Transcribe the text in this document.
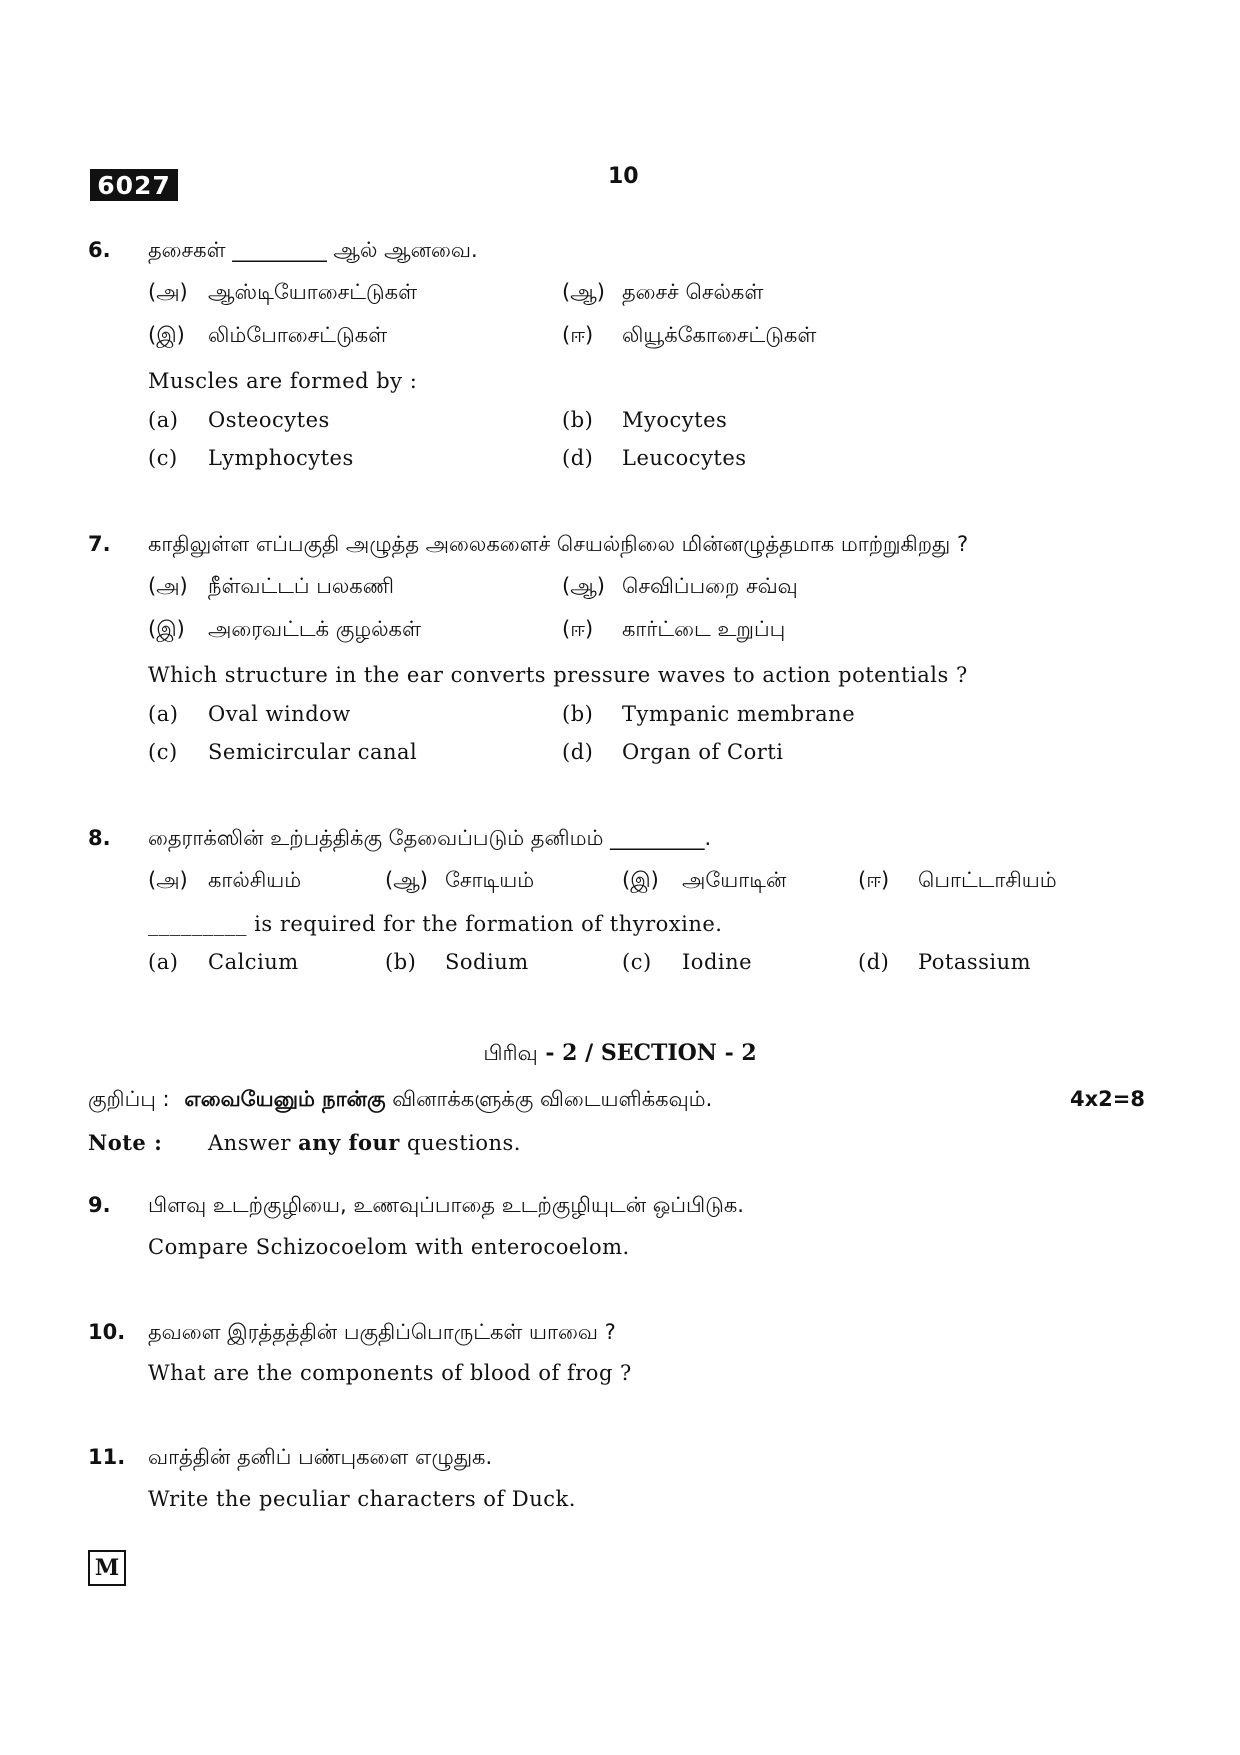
6027	10
6. தசைகள் _________ ஆல் ஆனவை.
(அ) ஆஸ்டியோசைட்டுகள்	(ஆ) தசைச் செல்கள்
(இ) லிம்போசைட்டுகள்	(ஈ) லியூக்கோசைட்டுகள்
Muscles are formed by :
(a) Osteocytes	(b) Myocytes
(c) Lymphocytes	(d) Leucocytes
7. காதிலுள்ள எப்பகுதி அழுத்த அலைகளைச் செயல்நிலை மின்னழுத்தமாக மாற்றுகிறது ?
(அ) நீள்வட்டப் பலகணி	(ஆ) செவிப்பறை சவ்வு
(இ) அரைவட்டக் குழல்கள்	(ஈ) கார்ட்டை உறுப்பு
Which structure in the ear converts pressure waves to action potentials ?
(a) Oval window	(b) Tympanic membrane
(c) Semicircular canal	(d) Organ of Corti
8. தைராக்ஸின் உற்பத்திக்கு தேவைப்படும் தனிமம் _________.
(அ) கால்சியம்	(ஆ) சோடியம்	(இ) அயோடின்	(ஈ) பொட்டாசியம்
_________ is required for the formation of thyroxine.
(a) Calcium	(b) Sodium	(c) Iodine	(d) Potassium
பிரிவு - 2 / SECTION - 2
குறிப்பு : எவையேனும் நான்கு வினாக்களுக்கு விடையளிக்கவும்.	4x2=8
Note : Answer any four questions.
9. பிளவு உடற்குழியை, உணவுப்பாதை உடற்குழியுடன் ஒப்பிடுக.
Compare Schizocoelom with enterocoelom.
10. தவளை இரத்தத்தின் பகுதிப்பொருட்கள் யாவை ?
What are the components of blood of frog ?
11. வாத்தின் தனிப் பண்புகளை எழுதுக.
Write the peculiar characters of Duck.
M
